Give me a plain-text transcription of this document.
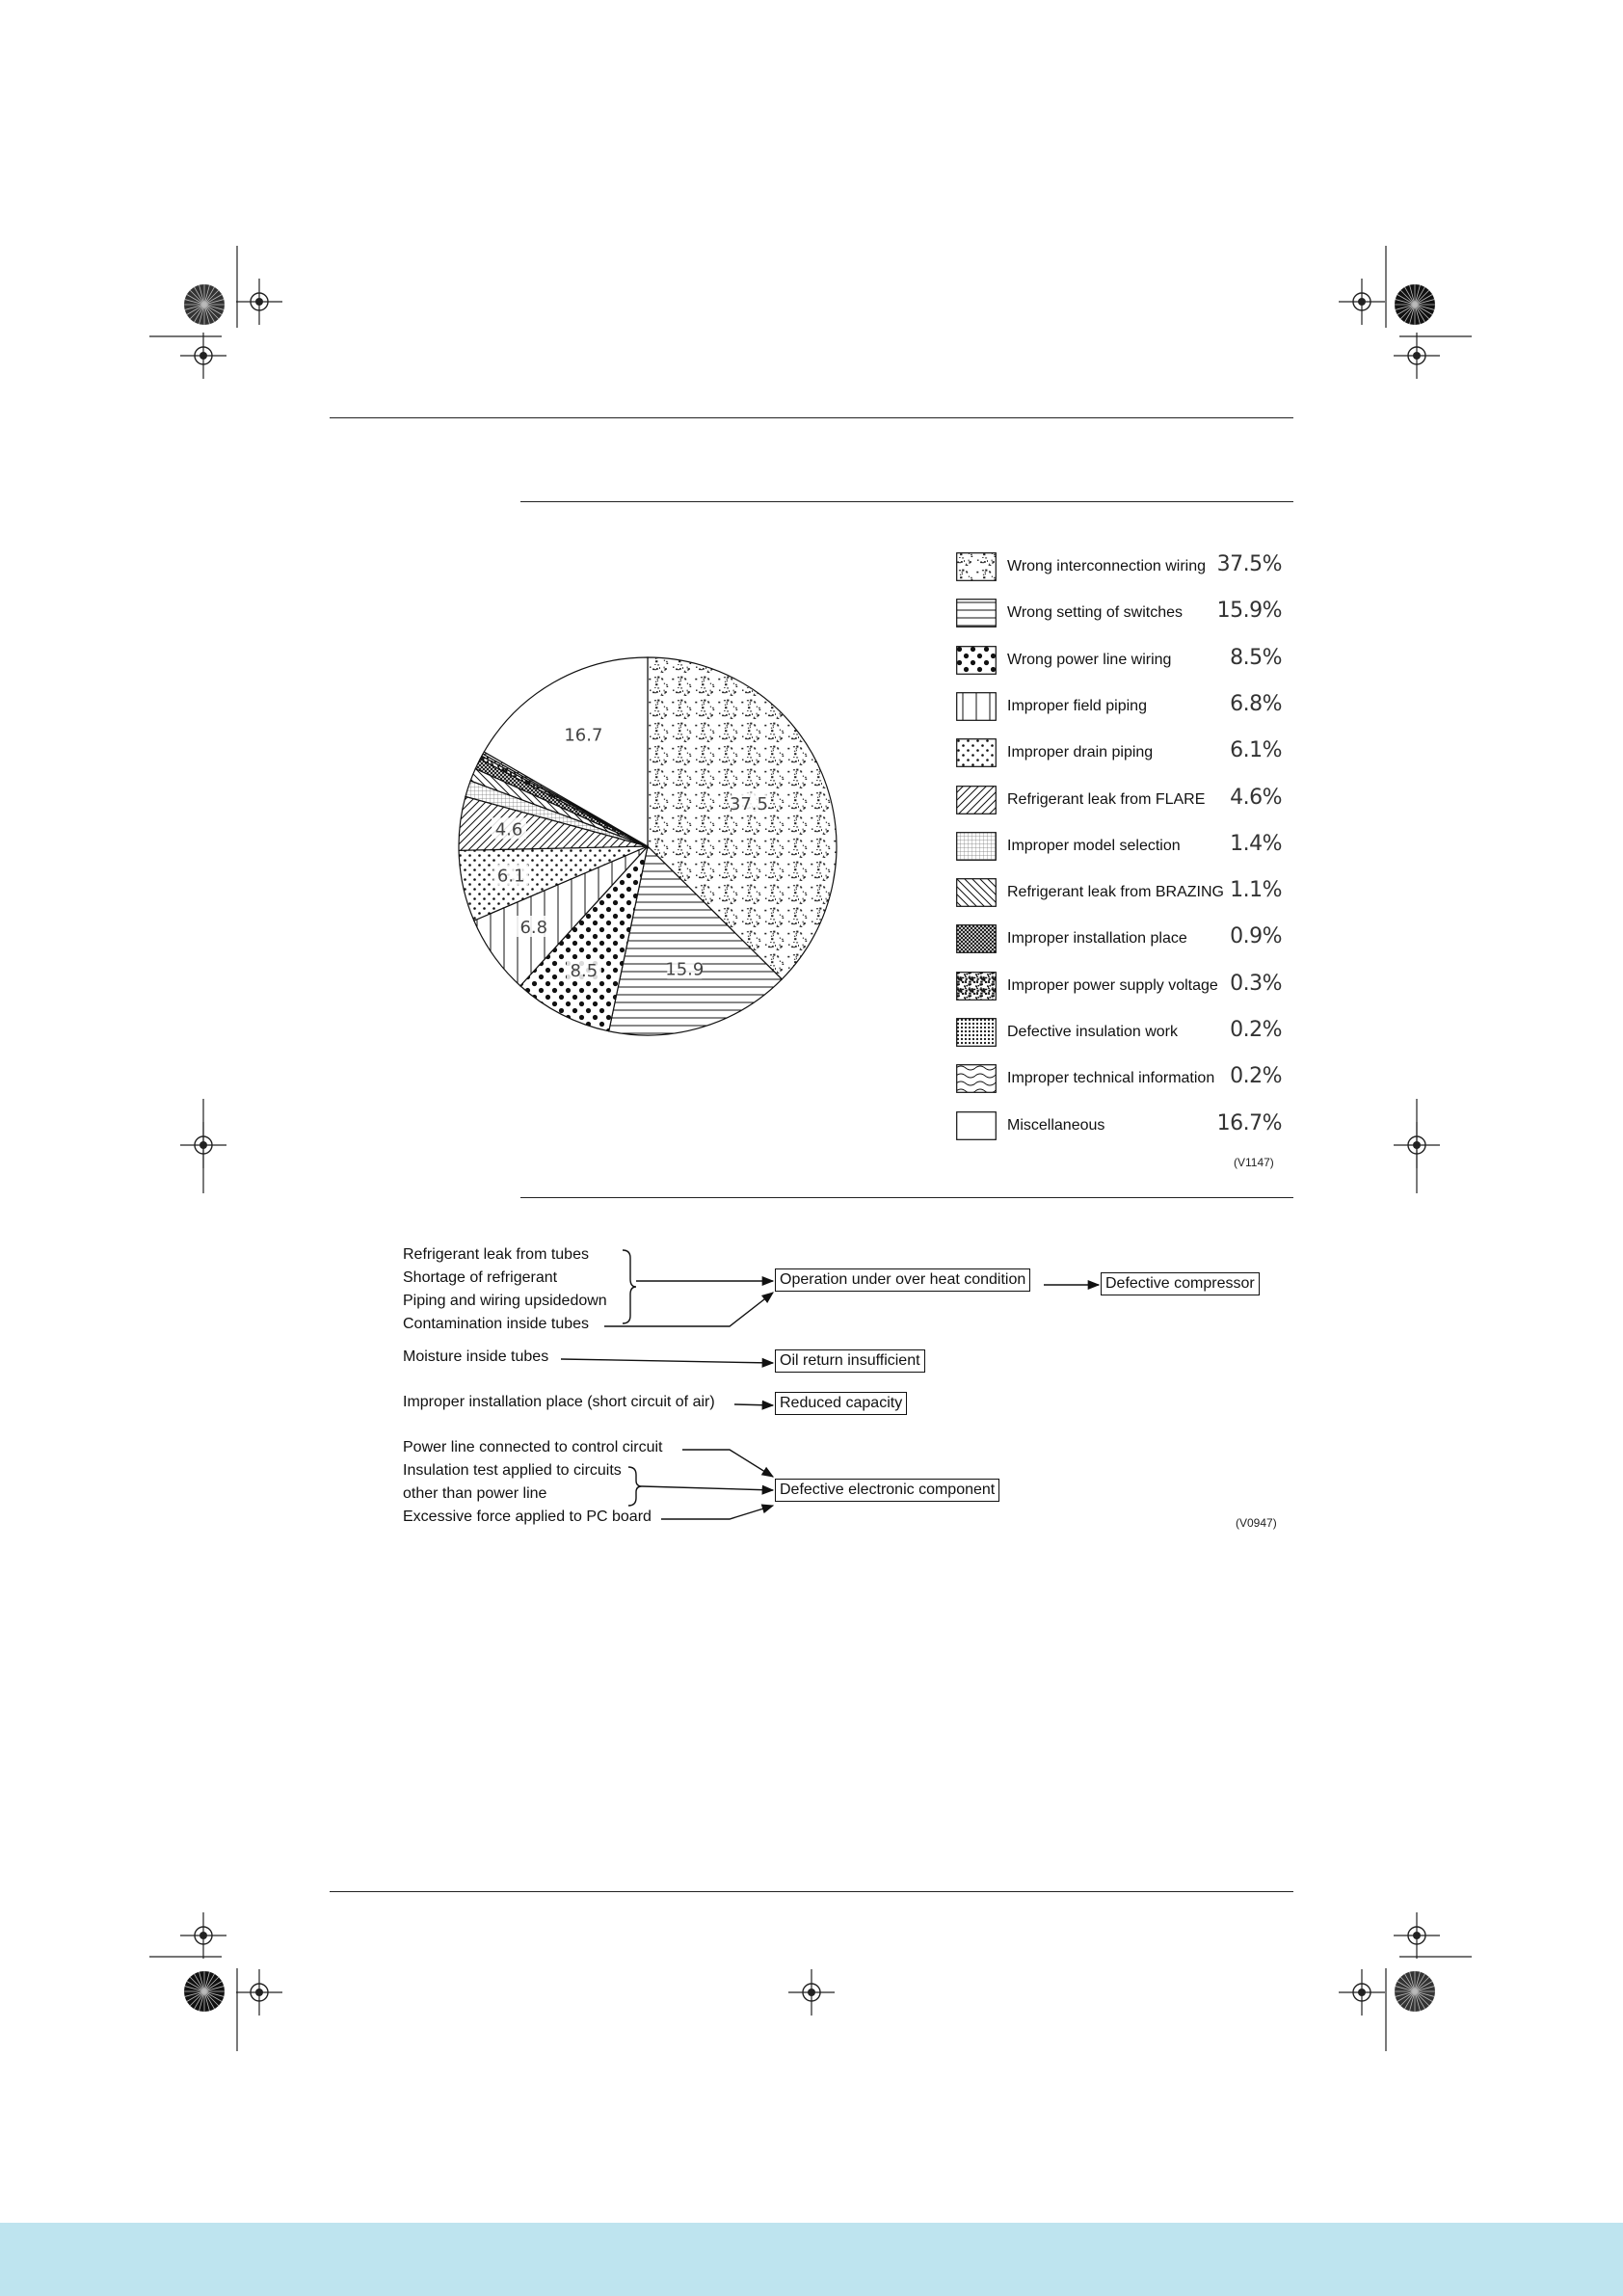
37.5
15.9
8.5
6.8
6.1
4.6
16.7
Wrong interconnection wiring 37.5%
Wrong setting of switches 15.9%
Wrong power line wiring	8.5%
Improper field piping	6.8%
Improper drain piping	6.1%
Refrigerant leak from FLARE 4.6%
Improper model selection 1.4%
Refrigerant leak from BRAZING 1.1%
Improper installation place 0.9%
Improper power supply voltage 0.3%
Defective insulation work 0.2%
Improper technical information 0.2%
Miscellaneous	16.7%
(V1147)
Refrigerant leak from tubes
Shortage of refrigerant
Piping and wiring upsidedown
Contamination inside tubes
Moisture inside tubes
Improper installation place (short circuit of air)
Power line connected to control circuit
Insulation test applied to circuits
other than power line
Excessive force applied to PC board
Operation under over heat condition	Defective compressor
Oil return insufficient
Reduced capacity
Defective electronic component
(V0947)
